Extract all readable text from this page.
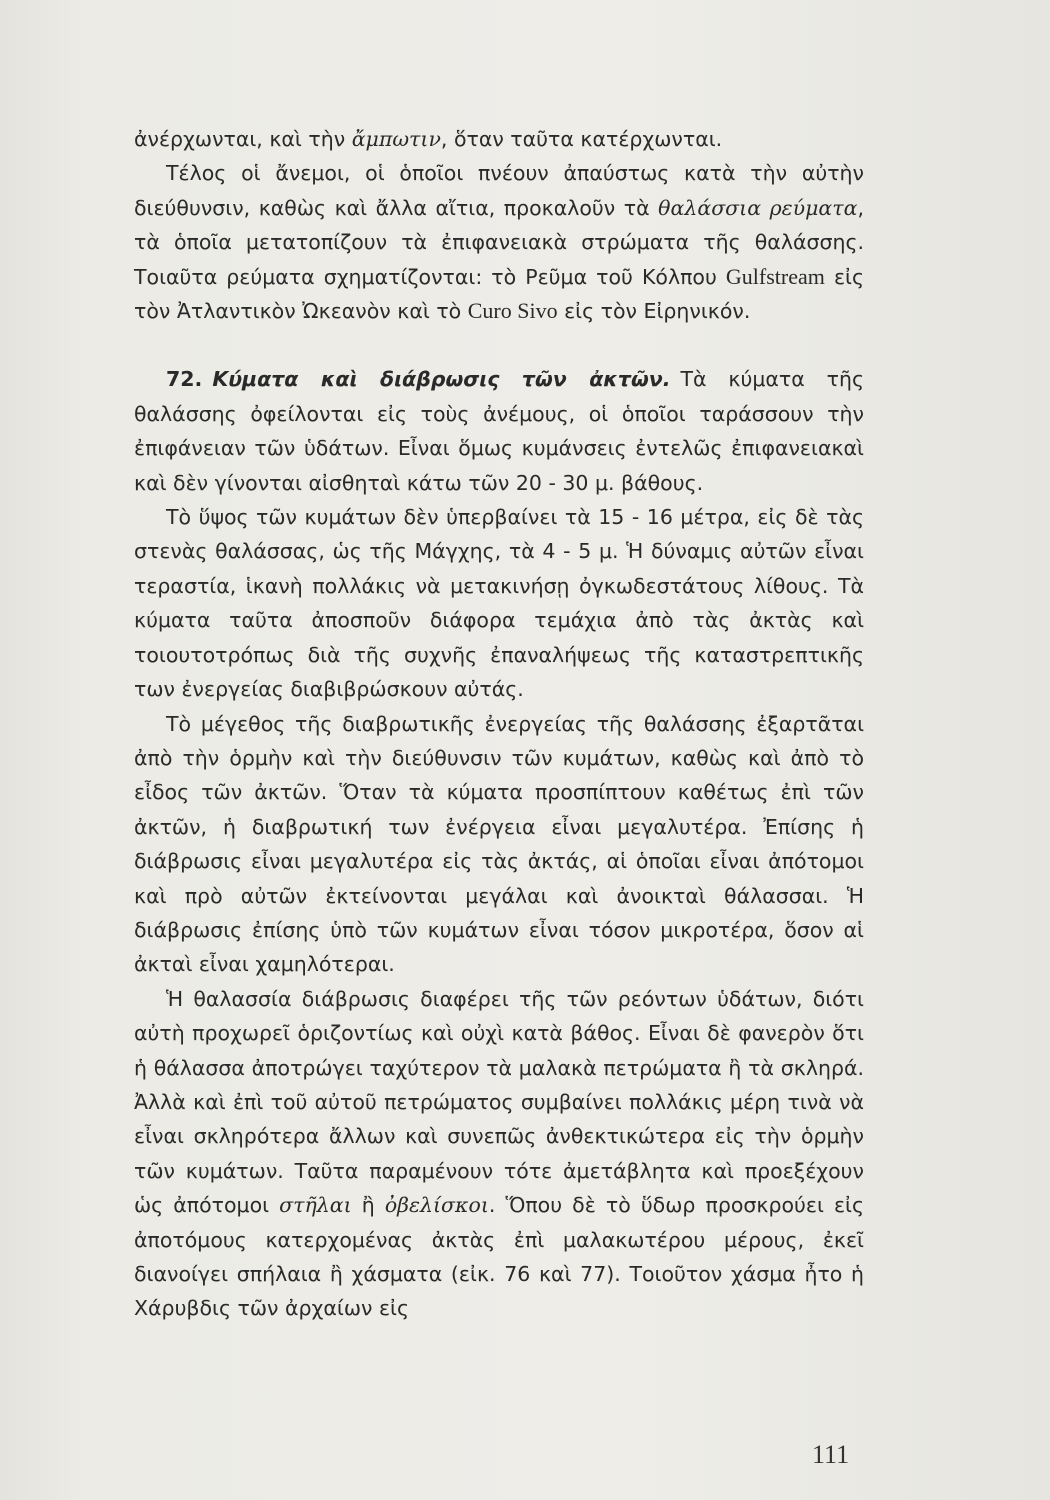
ἀνέρχωνται, καὶ τὴν ἄμπωτιν, ὅταν ταῦτα κατέρχωνται.

Τέλος οἱ ἄνεμοι, οἱ ὁποῖοι πνέουν ἀπαύστως κατὰ τὴν αὐτὴν διεύθυνσιν, καθὼς καὶ ἄλλα αἴτια, προκαλοῦν τὰ θαλάσσια ρεύματα, τὰ ὁποῖα μετατοπίζουν τὰ ἐπιφανειακὰ στρώματα τῆς θαλάσσης. Τοιαῦτα ρεύματα σχηματίζονται: τὸ Ρεῦμα τοῦ Κόλπου Gulfstream εἰς τὸν Ἀτλαντικὸν Ὠκεανὸν καὶ τὸ Curo Sivo εἰς τὸν Εἰρηνικόν.

72. Κύματα καὶ διάβρωσις τῶν ἀκτῶν. Τὰ κύματα τῆς θαλάσσης ὀφείλονται εἰς τοὺς ἀνέμους, οἱ ὁποῖοι ταράσσουν τὴν ἐπιφάνειαν τῶν ὑδάτων. Εἶναι ὅμως κυμάνσεις ἐντελῶς ἐπιφανειακαὶ καὶ δὲν γίνονται αἰσθηταὶ κάτω τῶν 20 - 30 μ. βάθους.

Τὸ ὕψος τῶν κυμάτων δὲν ὑπερβαίνει τὰ 15 - 16 μέτρα, εἰς δὲ τὰς στενὰς θαλάσσας, ὡς τῆς Μάγχης, τὰ 4 - 5 μ. Ἡ δύναμις αὐτῶν εἶναι τεραστία, ἱκανὴ πολλάκις νὰ μετακινήσῃ ὀγκωδεστάτους λίθους. Τὰ κύματα ταῦτα ἀποσποῦν διάφορα τεμάχια ἀπὸ τὰς ἀκτὰς καὶ τοιουτοτρόπως διὰ τῆς συχνῆς ἐπαναλήψεως τῆς καταστρεπτικῆς των ἐνεργείας διαβιβρώσκουν αὐτάς.

Τὸ μέγεθος τῆς διαβρωτικῆς ἐνεργείας τῆς θαλάσσης ἐξαρτᾶται ἀπὸ τὴν ὁρμὴν καὶ τὴν διεύθυνσιν τῶν κυμάτων, καθὼς καὶ ἀπὸ τὸ εἶδος τῶν ἀκτῶν. Ὅταν τὰ κύματα προσπίπτουν καθέτως ἐπὶ τῶν ἀκτῶν, ἡ διαβρωτική των ἐνέργεια εἶναι μεγαλυτέρα. Ἐπίσης ἡ διάβρωσις εἶναι μεγαλυτέρα εἰς τὰς ἀκτάς, αἱ ὁποῖαι εἶναι ἀπότομοι καὶ πρὸ αὐτῶν ἐκτείνονται μεγάλαι καὶ ἀνοικταὶ θάλασσαι. Ἡ διάβρωσις ἐπίσης ὑπὸ τῶν κυμάτων εἶναι τόσον μικροτέρα, ὅσον αἱ ἀκταὶ εἶναι χαμηλότεραι.

Ἡ θαλασσία διάβρωσις διαφέρει τῆς τῶν ρεόντων ὑδάτων, διότι αὐτὴ προχωρεῖ ὁριζοντίως καὶ οὐχὶ κατὰ βάθος. Εἶναι δὲ φανερὸν ὅτι ἡ θάλασσα ἀποτρώγει ταχύτερον τὰ μαλακὰ πετρώματα ἢ τὰ σκληρά. Ἀλλὰ καὶ ἐπὶ τοῦ αὐτοῦ πετρώματος συμβαίνει πολλάκις μέρη τινὰ νὰ εἶναι σκληρότερα ἄλλων καὶ συνεπῶς ἀνθεκτικώτερα εἰς τὴν ὁρμὴν τῶν κυμάτων. Ταῦτα παραμένουν τότε ἀμετάβλητα καὶ προεξέχουν ὡς ἀπότομοι στῆλαι ἢ ὀβελίσκοι. Ὅπου δὲ τὸ ὕδωρ προσκρούει εἰς ἀποτόμους κατερχομένας ἀκτὰς ἐπὶ μαλακωτέρου μέρους, ἐκεῖ διανοίγει σπήλαια ἢ χάσματα (εἰκ. 76 καὶ 77). Τοιοῦτον χάσμα ἦτο ἡ Χάρυβδις τῶν ἀρχαίων εἰς

111
